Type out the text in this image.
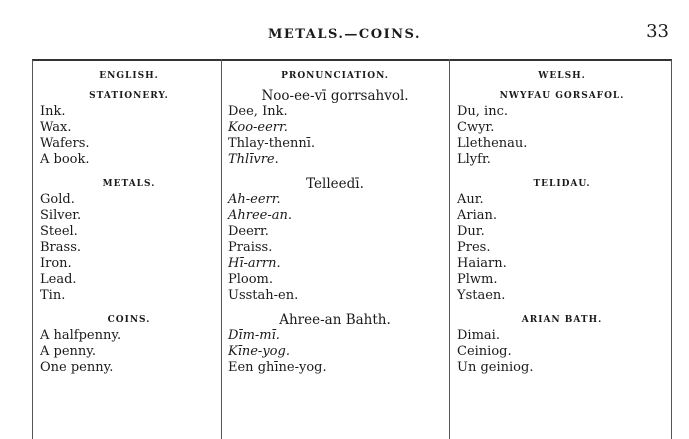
METALS.—COINS.	33
ENGLISH.
STATIONERY.
Ink.
Wax.
Wafers.
A book.
METALS.
Gold.
Silver.
Steel.
Brass.
Iron.
Lead.
Tin.
COINS.
A halfpenny.
A penny.
One penny.
PRONUNCIATION.
Noo-ee-vī gorrsahvol.
Dee, Ink.
Koo-eerr.
Thlay-thennī.
Thlīvre.
Telleedī.
Ah-eerr.
Ahree-an.
Deerr.
Praiss.
Hī-arrn.
Ploom.
Usstah-en.
Ahree-an Bahth.
Dīm-mī.
Kīne-yog.
Een ghīne-yog.
WELSH.
NWYFAU GORSAFOL.
Du, inc.
Cwyr.
Llethenau.
Llyfr.
TELIDAU.
Aur.
Arian.
Dur.
Pres.
Haiarn.
Plwm.
Ystaen.
ARIAN BATH.
Dimai.
Ceiniog.
Un geiniog.
